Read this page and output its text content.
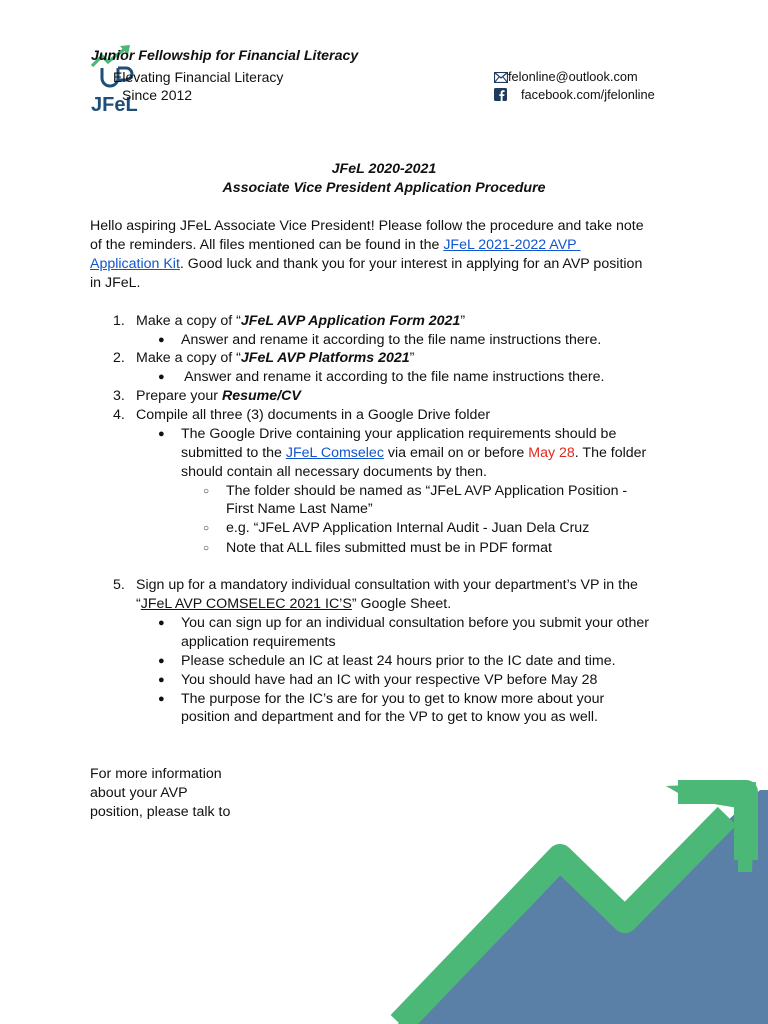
JFeL
Junior Fellowship for Financial Literacy
Elevating Financial Literacy
Since 2012
felonline@outlook.com
facebook.com/jfelonline
JFeL 2020-2021
Associate Vice President Application Procedure
Hello aspiring JFeL Associate Vice President! Please follow the procedure and take note
of the reminders. All files mentioned can be found in the JFeL 2021-2022 AVP
Application Kit. Good luck and thank you for your interest in applying for an AVP position
in JFeL.
1. Make a copy of “JFeL AVP Application Form 2021”
● Answer and rename it according to the file name instructions there.
2. Make a copy of “JFeL AVP Platforms 2021”
● Answer and rename it according to the file name instructions there.
3. Prepare your Resume/CV
4. Compile all three (3) documents in a Google Drive folder
● The Google Drive containing your application requirements should be
submitted to the JFeL Comselec via email on or before May 28. The folder
should contain all necessary documents by then.
○ The folder should be named as “JFeL AVP Application Position -
First Name Last Name”
○ e.g. “JFeL AVP Application Internal Audit - Juan Dela Cruz
○ Note that ALL files submitted must be in PDF format
5. Sign up for a mandatory individual consultation with your department’s VP in the
“JFeL AVP COMSELEC 2021 IC’S” Google Sheet.
● You can sign up for an individual consultation before you submit your other
application requirements
● Please schedule an IC at least 24 hours prior to the IC date and time.
● You should have had an IC with your respective VP before May 28
● The purpose for the IC’s are for you to get to know more about your
position and department and for the VP to get to know you as well.
For more information
about your AVP
position, please talk to
